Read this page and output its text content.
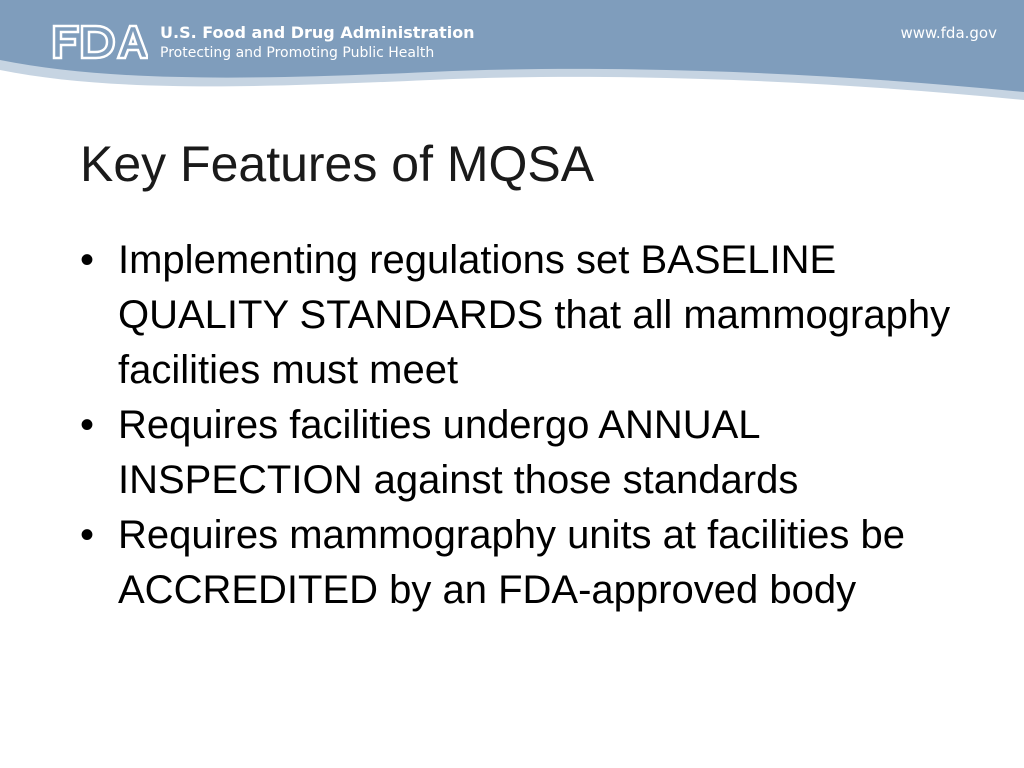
U.S. Food and Drug Administration
Protecting and Promoting Public Health
www.fda.gov
Key Features of MQSA
• Implementing regulations set BASELINE QUALITY STANDARDS that all mammography facilities must meet
• Requires facilities undergo ANNUAL INSPECTION against those standards
• Requires mammography units at facilities be ACCREDITED by an FDA-approved body
